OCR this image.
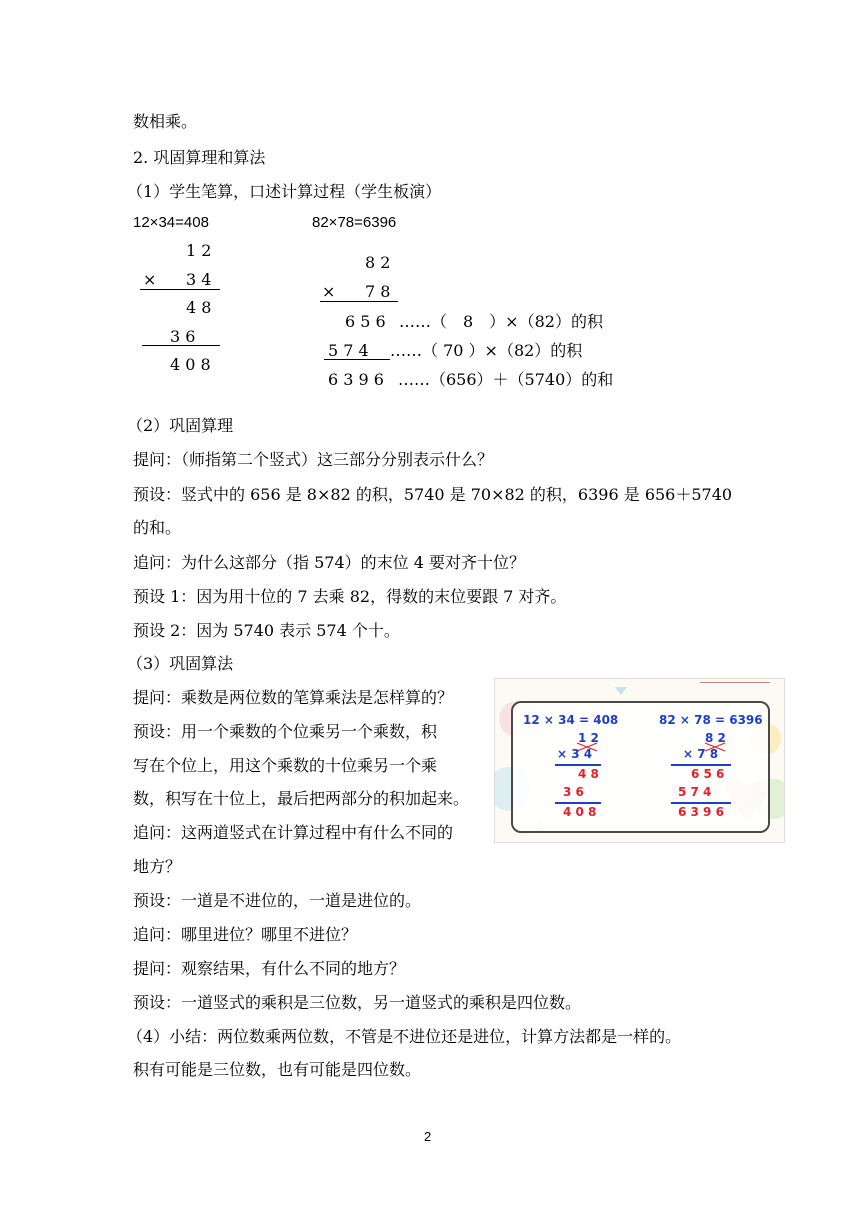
数相乘。
2. 巩固算理和算法
（1）学生笔算，口述计算过程（学生板演）
12×34=408
1 2
× 3 4
4 8
3 6
4 0 8
82×78=6396
8 2
× 7 8
6 5 6 ……（　8　）×（82）的积
5 7 4 ……（ 70 ）×（82）的积
6 3 9 6 ……（656）＋（5740）的和
（2）巩固算理
提问：（师指第二个竖式）这三部分分别表示什么？
预设：竖式中的 656 是 8×82 的积，5740 是 70×82 的积，6396 是 656＋5740
的和。
追问：为什么这部分（指 574）的末位 4 要对齐十位？
预设 1：因为用十位的 7 去乘 82，得数的末位要跟 7 对齐。
预设 2：因为 5740 表示 574 个十。
（3）巩固算法
提问：乘数是两位数的笔算乘法是怎样算的？
预设：用一个乘数的个位乘另一个乘数，积
写在个位上，用这个乘数的十位乘另一个乘
数，积写在十位上，最后把两部分的积加起来。
追问：这两道竖式在计算过程中有什么不同的
地方？
预设：一道是不进位的，一道是进位的。
追问：哪里进位？哪里不进位？
提问：观察结果，有什么不同的地方？
预设：一道竖式的乘积是三位数，另一道竖式的乘积是四位数。
（4）小结：两位数乘两位数，不管是不进位还是进位，计算方法都是一样的。
积有可能是三位数，也有可能是四位数。
12 × 34 = 408
1 2
× 3 4
4 8
3 6
4 0 8
82 × 78 = 6396
8 2
× 7 8
6 5 6
5 7 4
6 3 9 6
2
